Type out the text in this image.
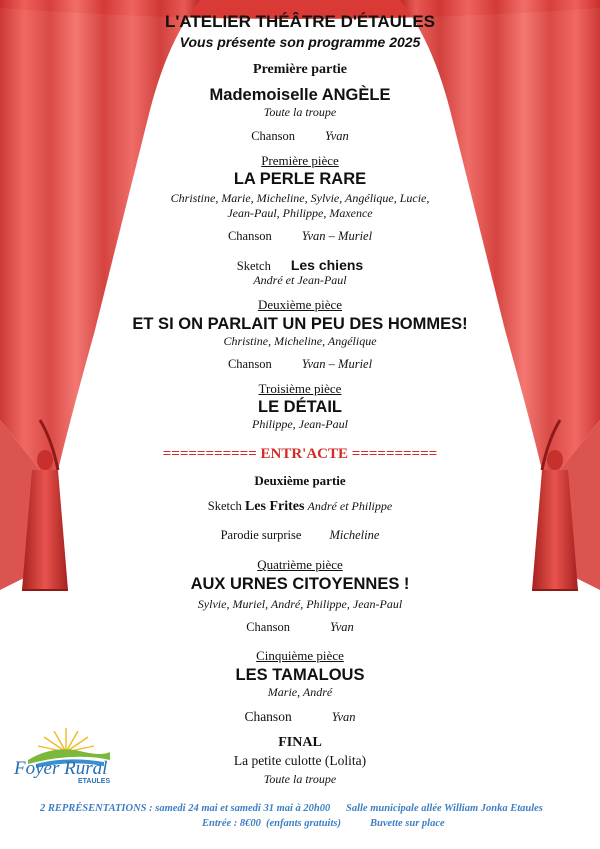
L'ATELIER THÉÂTRE D'ÉTAULES
Vous présente son programme 2025
Première partie
Mademoiselle ANGÈLE
Toute la troupe
Chanson Yvan
Première pièce
LA PERLE RARE
Christine, Marie, Micheline, Sylvie, Angélique, Lucie,
Jean-Paul, Philippe, Maxence
Chanson Yvan – Muriel
Sketch Les chiens
André et Jean-Paul
Deuxième pièce
ET SI ON PARLAIT UN PEU DES HOMMES!
Christine, Micheline, Angélique
Chanson Yvan – Muriel
Troisième pièce
LE DÉTAIL
Philippe, Jean-Paul
=========== ENTR'ACTE ==========
Deuxième partie
Sketch Les Frites André et Philippe
Parodie surprise Micheline
Quatrième pièce
AUX URNES CITOYENNES !
Sylvie, Muriel, André, Philippe, Jean-Paul
Chanson	Yvan
Cinquième pièce
LES TAMALOUS
Marie, André
Chanson	Yvan
FINAL
La petite culotte (Lolita)
Toute la troupe
Foyer Rural
ETAULES
2 REPRÉSENTATIONS : samedi 24 mai et samedi 31 mai à 20h00 Salle municipale allée William Jonka Etaules
Entrée : 8€00 (enfants gratuits)	Buvette sur place
